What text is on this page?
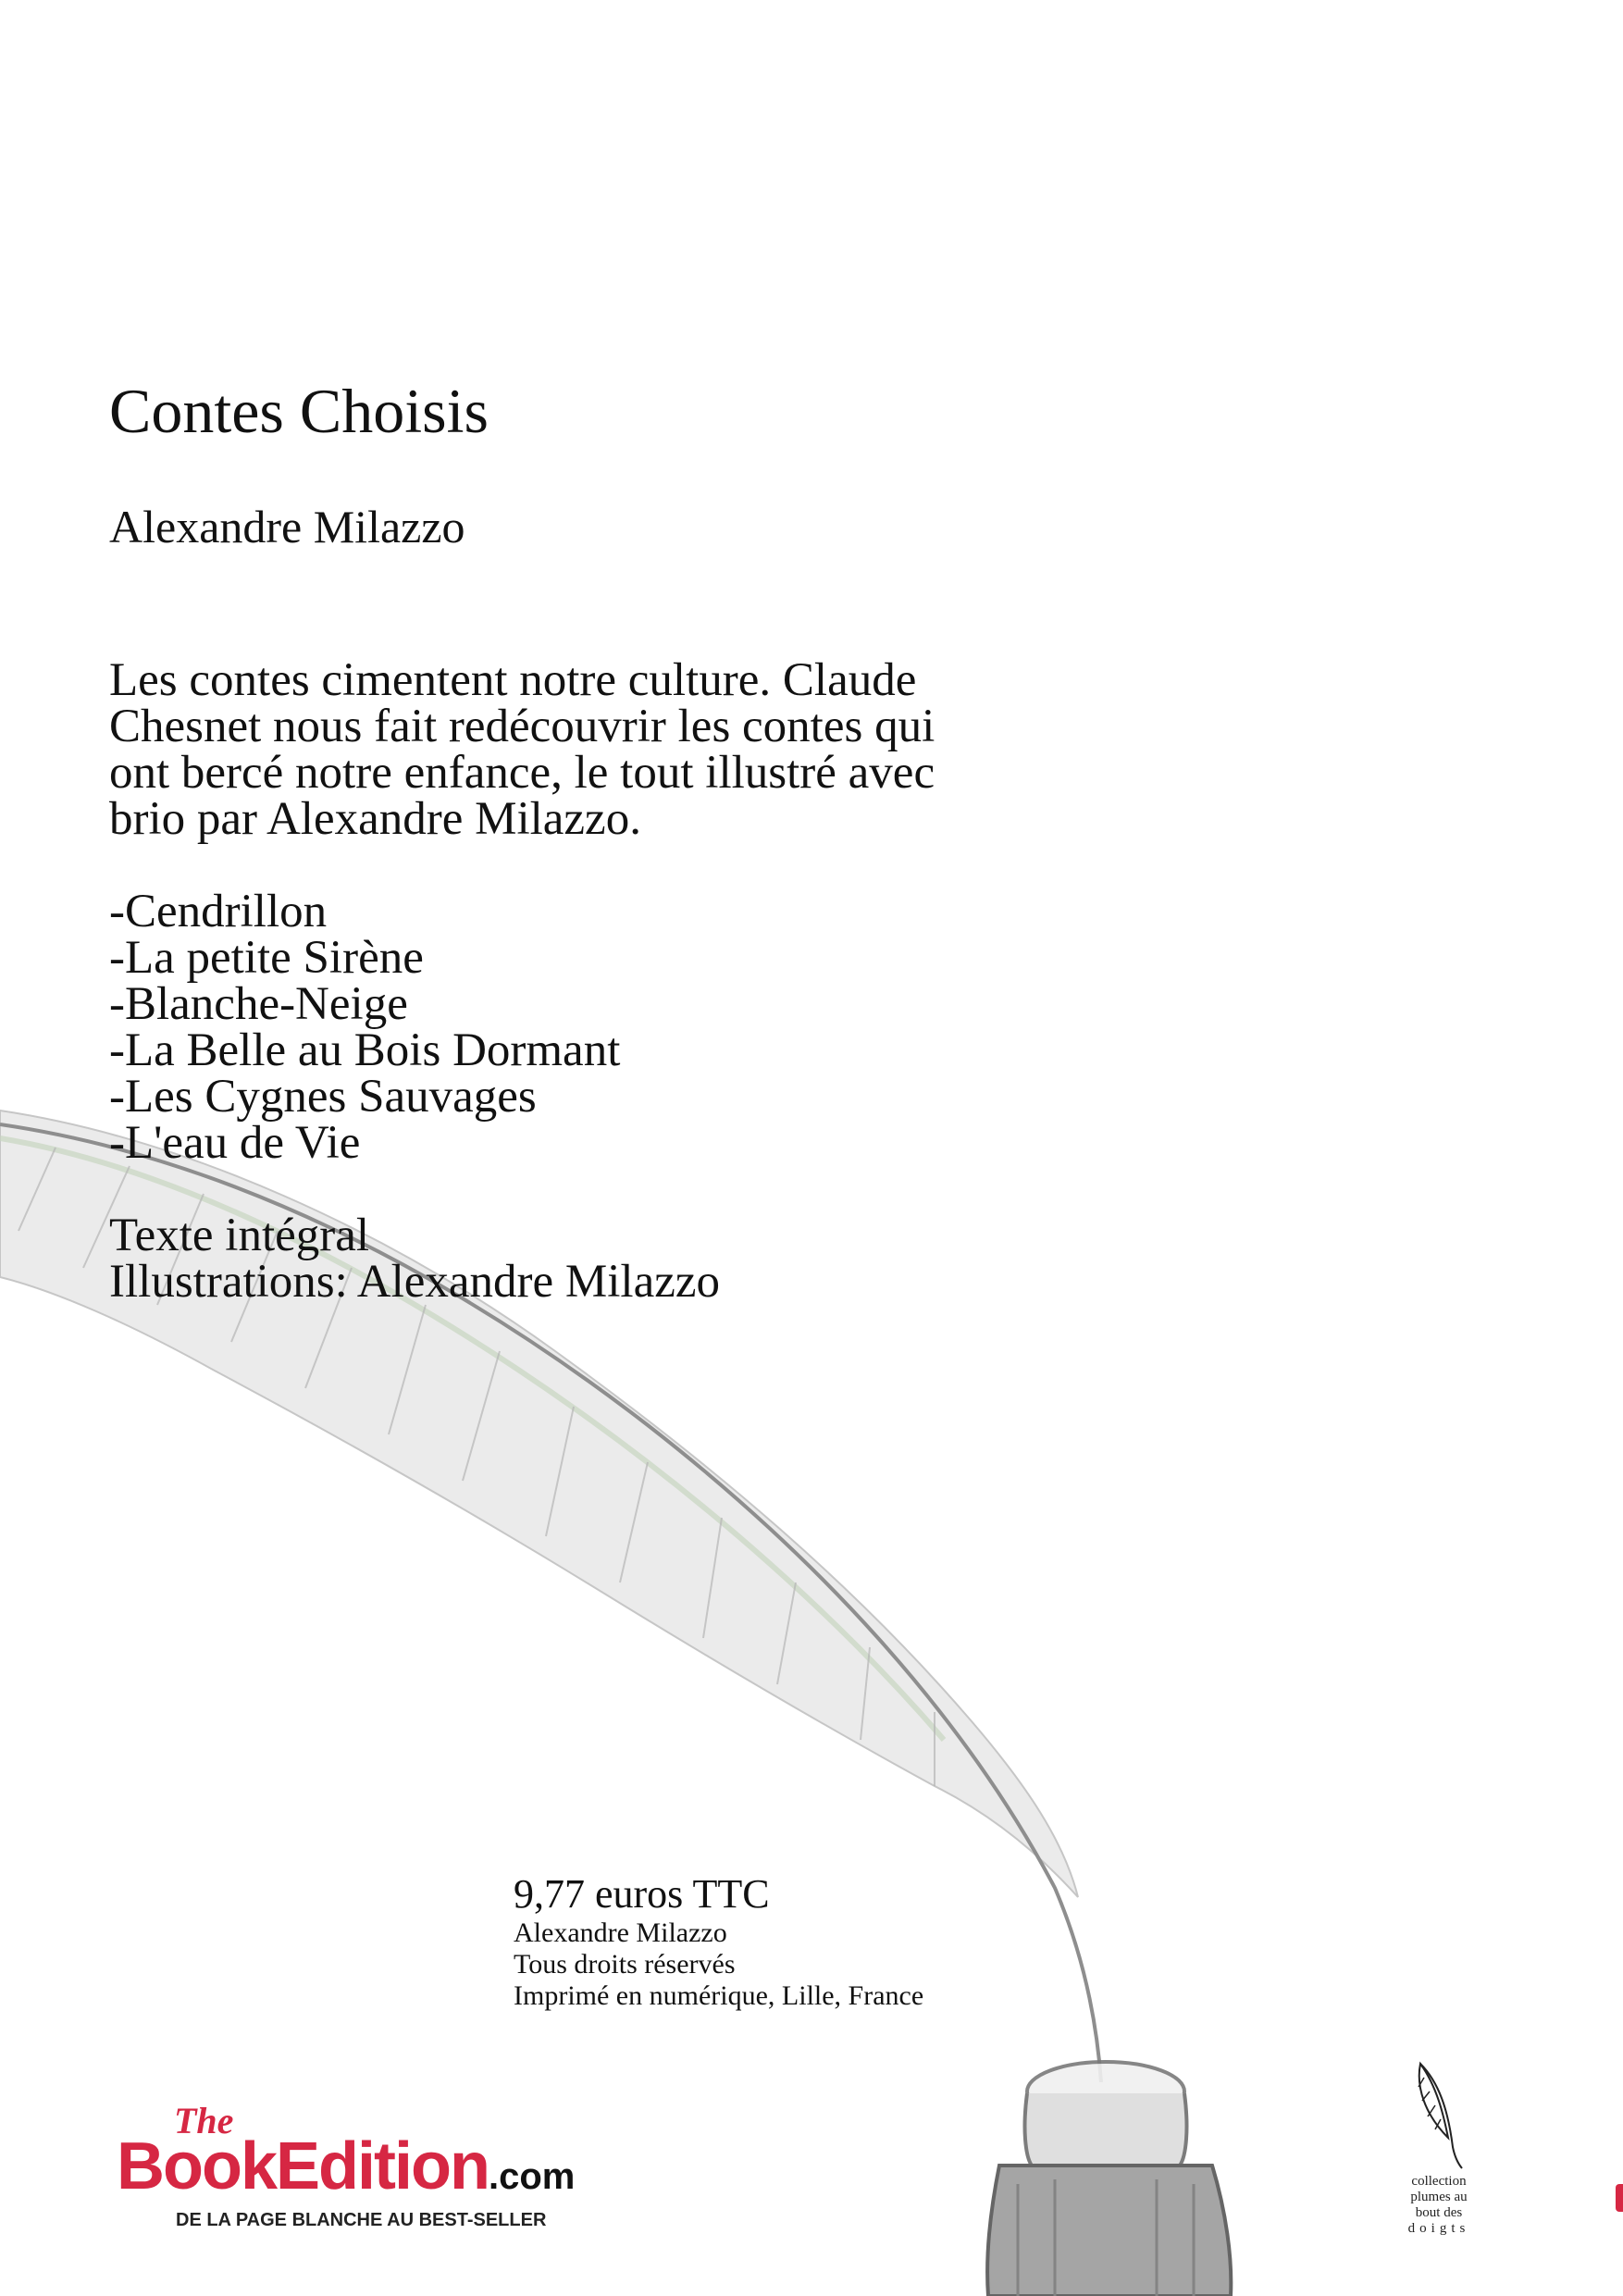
Contes Choisis
Alexandre Milazzo
Les contes cimentent notre culture. Claude
Chesnet nous fait redécouvrir les contes qui
ont bercé notre enfance, le tout illustré avec
brio par Alexandre Milazzo.
-Cendrillon
-La petite Sirène
-Blanche-Neige
-La Belle au Bois Dormant
-Les Cygnes Sauvages
-L'eau de Vie
Texte intégral
Illustrations: Alexandre Milazzo
9,77 euros TTC
Alexandre Milazzo
Tous droits réservés
Imprimé en numérique, Lille, France
The
BookEdition.com
DE LA PAGE BLANCHE AU BEST-SELLER
collection
plumes au
bout des
doigts
